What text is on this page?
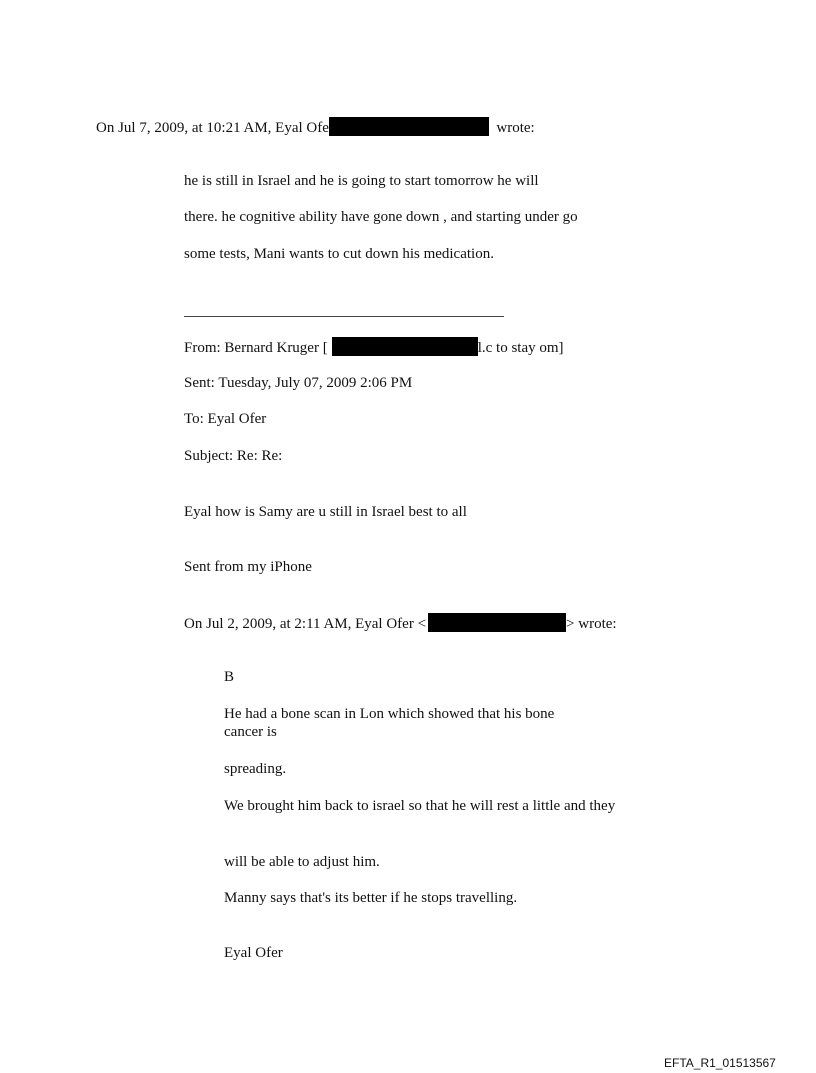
On Jul 7, 2009, at 10:21 AM, Eyal Ofe	wrote:
he is still in Israel and he is going to start tomorrow he will
there. he cognitive ability have gone down , and starting under go
some tests, Mani wants to cut down his medication.
From: Bernard Kruger [	l.c to stay om]
Sent: Tuesday, July 07, 2009 2:06 PM
To: Eyal Ofer
Subject: Re: Re:
Eyal how is Samy are u still in Israel best to all
Sent from my iPhone
On Jul 2, 2009, at 2:11 AM, Eyal Ofer <	> wrote:
B
He had a bone scan in Lon which showed that his bone cancer is
spreading.
We brought him back to israel so that he will rest a little and they
will be able to adjust him.
Manny says that's its better if he stops travelling.
Eyal Ofer
EFTA_R1_01513567
